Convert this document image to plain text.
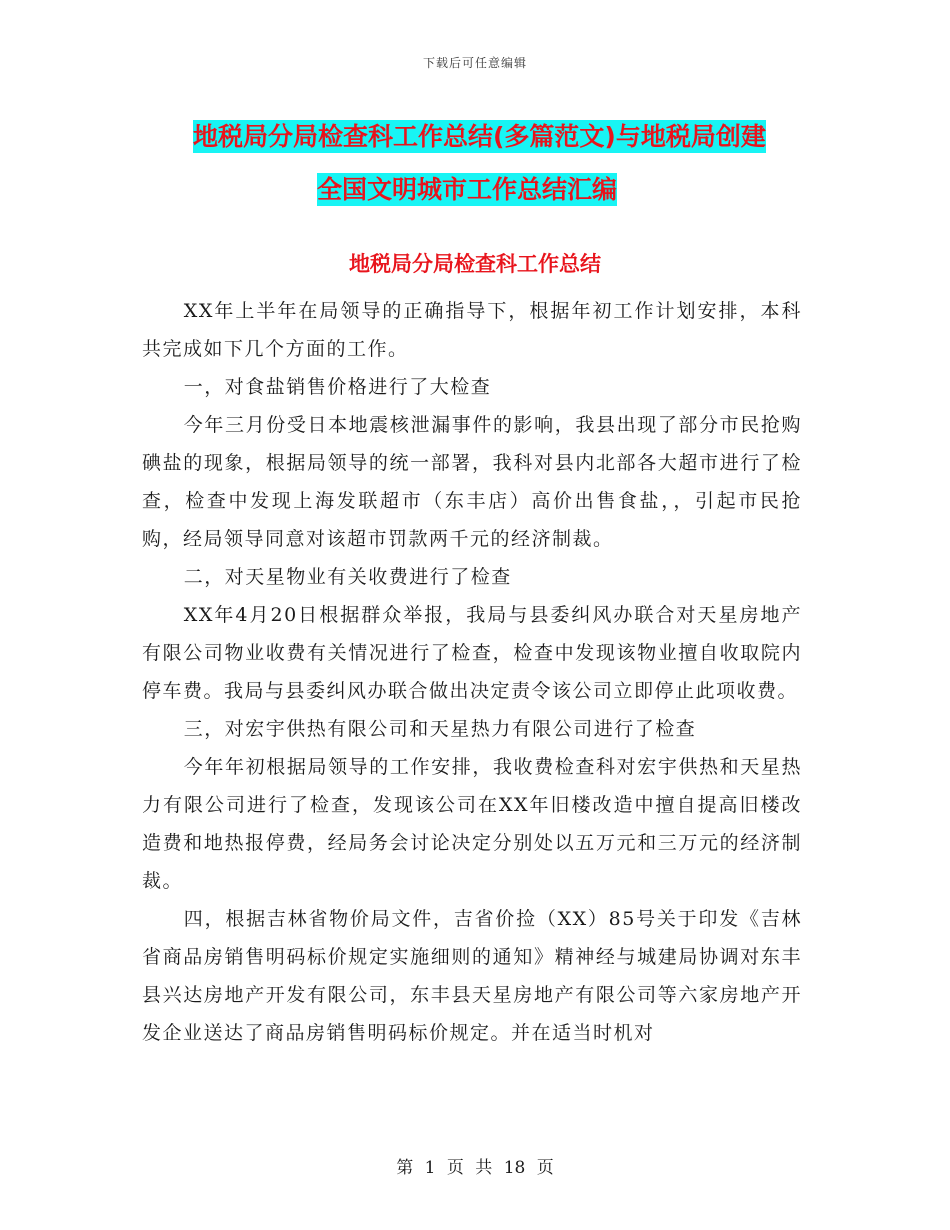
下载后可任意编辑
地税局分局检查科工作总结(多篇范文)与地税局创建
全国文明城市工作总结汇编
地税局分局检查科工作总结

XX年上半年在局领导的正确指导下，根据年初工作计划安排，本科共完成如下几个方面的工作。

一，对食盐销售价格进行了大检查

今年三月份受日本地震核泄漏事件的影响，我县出现了部分市民抢购碘盐的现象，根据局领导的统一部署，我科对县内北部各大超市进行了检查，检查中发现上海发联超市（东丰店）高价出售食盐，，引起市民抢购，经局领导同意对该超市罚款两千元的经济制裁。

二，对天星物业有关收费进行了检查

XX年4月20日根据群众举报，我局与县委纠风办联合对天星房地产有限公司物业收费有关情况进行了检查，检查中发现该物业擅自收取院内停车费。我局与县委纠风办联合做出决定责令该公司立即停止此项收费。

三，对宏宇供热有限公司和天星热力有限公司进行了检查

今年年初根据局领导的工作安排，我收费检查科对宏宇供热和天星热力有限公司进行了检查，发现该公司在XX年旧楼改造中擅自提高旧楼改造费和地热报停费，经局务会讨论决定分别处以五万元和三万元的经济制裁。

四，根据吉林省物价局文件，吉省价捡（XX）85号关于印发《吉林省商品房销售明码标价规定实施细则的通知》精神经与城建局协调对东丰县兴达房地产开发有限公司，东丰县天星房地产有限公司等六家房地产开发企业送达了商品房销售明码标价规定。并在适当时机对

第 1 页 共 18 页
